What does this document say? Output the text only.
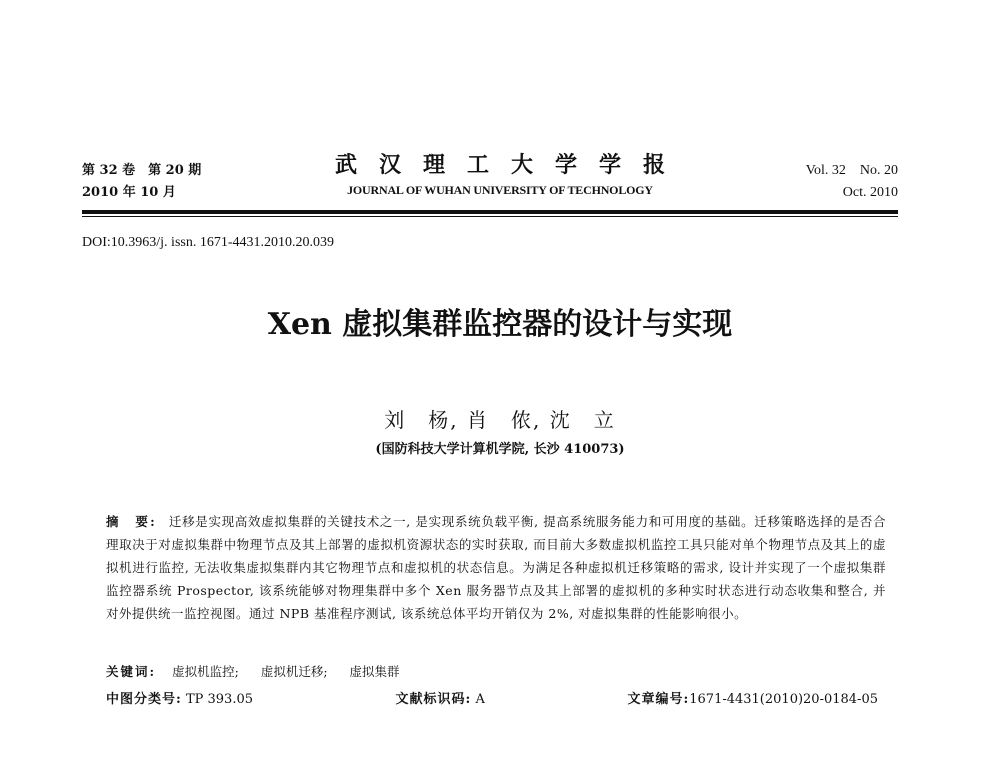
第 32 卷　第 20 期
2010 年 10 月
武汉理工大学学报
JOURNAL OF WUHAN UNIVERSITY OF TECHNOLOGY
Vol. 32　No. 20
Oct. 2010
DOI:10.3963/j. issn. 1671-4431.2010.20.039
Xen 虚拟集群监控器的设计与实现
刘　杨, 肖　侬, 沈　立
(国防科技大学计算机学院, 长沙 410073)
摘　要: 迁移是实现高效虚拟集群的关键技术之一, 是实现系统负载平衡, 提高系统服务能力和可用度的基础。迁移策略选择的是否合理取决于对虚拟集群中物理节点及其上部署的虚拟机资源状态的实时获取, 而目前大多数虚拟机监控工具只能对单个物理节点及其上的虚拟机进行监控, 无法收集虚拟集群内其它物理节点和虚拟机的状态信息。为满足各种虚拟机迁移策略的需求, 设计并实现了一个虚拟集群监控器系统 Prospector, 该系统能够对物理集群中多个 Xen 服务器节点及其上部署的虚拟机的多种实时状态进行动态收集和整合, 并对外提供统一监控视图。通过 NPB 基准程序测试, 该系统总体平均开销仅为 2%, 对虚拟集群的性能影响很小。
关键词: 虚拟机监控; 虚拟机迁移; 虚拟集群
中图分类号: TP 393.05	文献标识码: A	文章编号:1671-4431(2010)20-0184-05
